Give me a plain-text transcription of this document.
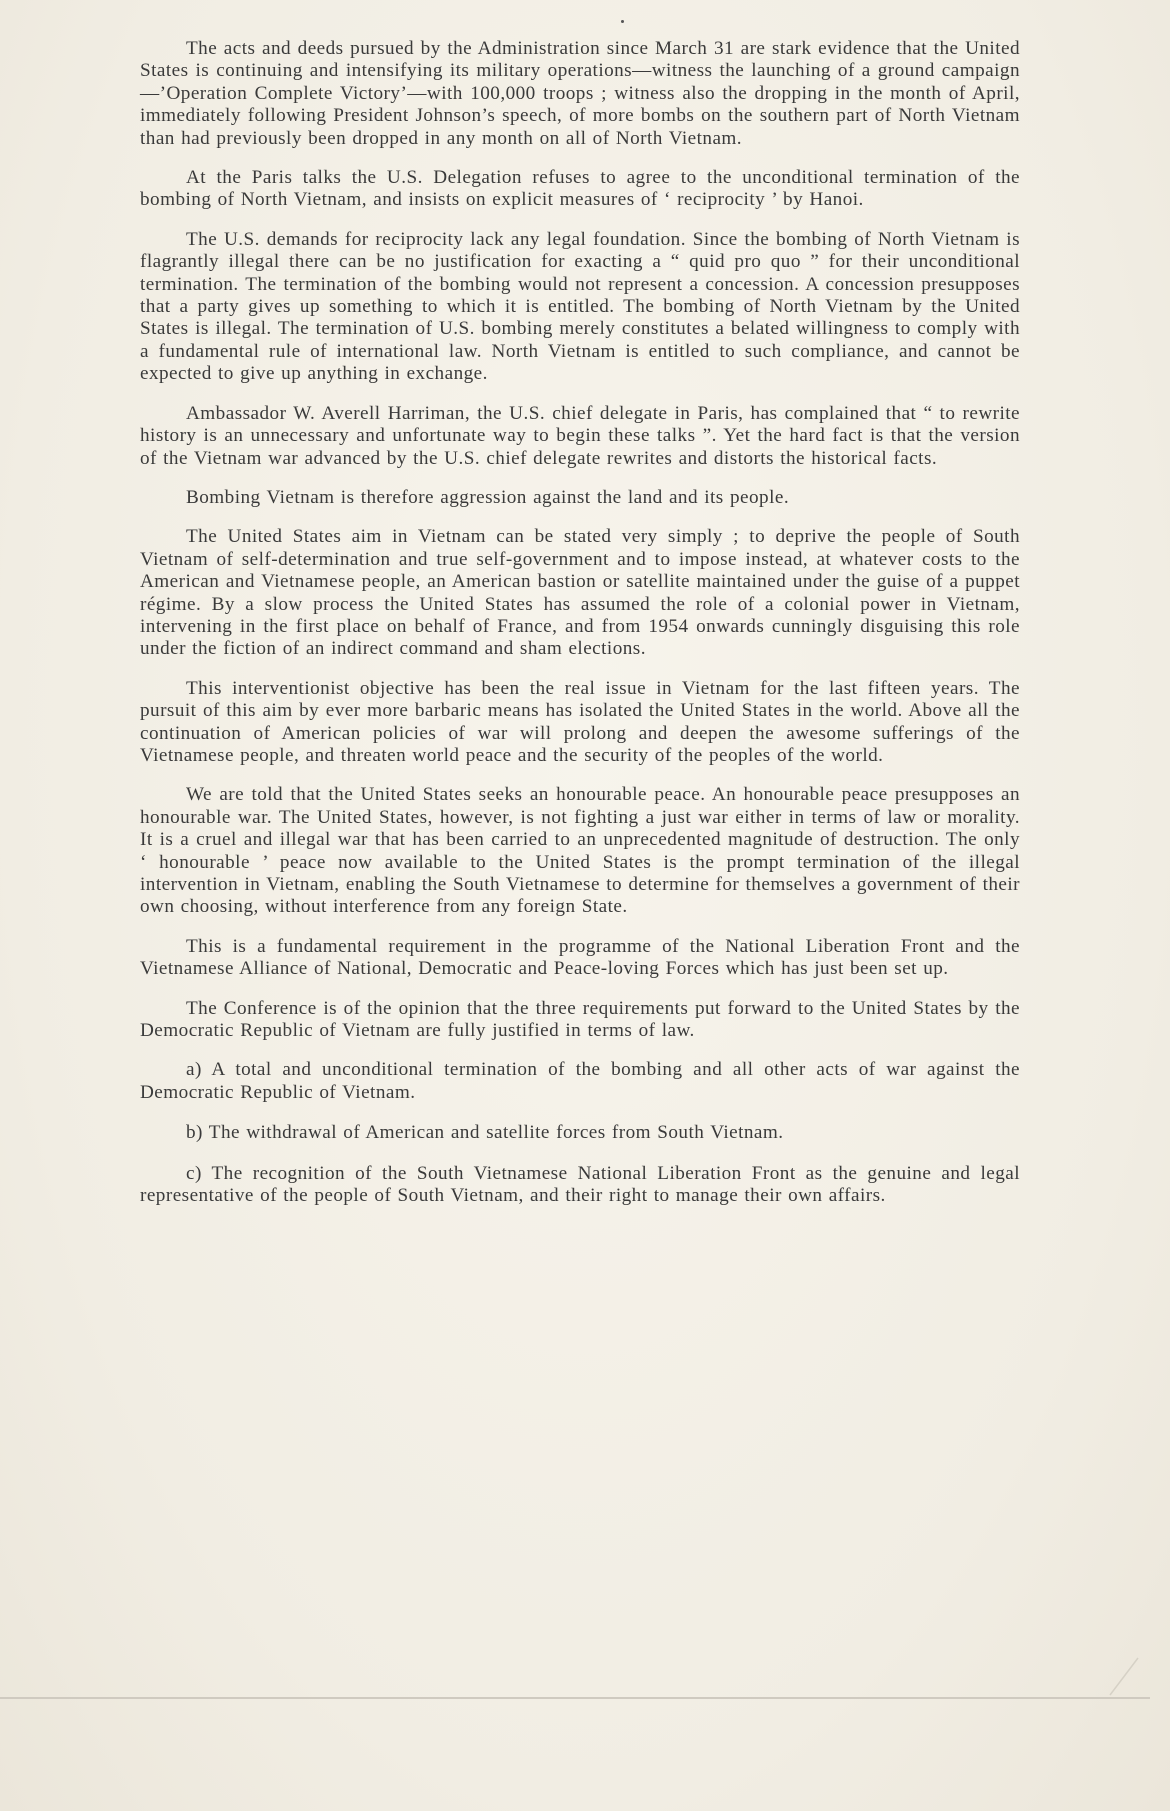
The acts and deeds pursued by the Administration since March 31 are stark evidence that the United States is continuing and intensifying its military operations—witness the launching of a ground campaign—’Operation Complete Victory’—with 100,000 troops ; witness also the dropping in the month of April, immediately following President Johnson’s speech, of more bombs on the southern part of North Vietnam than had previously been dropped in any month on all of North Vietnam.

At the Paris talks the U.S. Delegation refuses to agree to the unconditional termination of the bombing of North Vietnam, and insists on explicit measures of ‘ reciprocity ’ by Hanoi.

The U.S. demands for reciprocity lack any legal foundation. Since the bombing of North Vietnam is flagrantly illegal there can be no justification for exacting a “ quid pro quo ” for their unconditional termination. The termination of the bombing would not represent a concession. A concession presupposes that a party gives up something to which it is entitled. The bombing of North Vietnam by the United States is illegal. The termination of U.S. bombing merely constitutes a belated willingness to comply with a fundamental rule of international law. North Vietnam is entitled to such compliance, and cannot be expected to give up anything in exchange.

Ambassador W. Averell Harriman, the U.S. chief delegate in Paris, has complained that “ to rewrite history is an unnecessary and unfortunate way to begin these talks ”. Yet the hard fact is that the version of the Vietnam war advanced by the U.S. chief delegate rewrites and distorts the historical facts.

Bombing Vietnam is therefore aggression against the land and its people.

The United States aim in Vietnam can be stated very simply ; to deprive the people of South Vietnam of self-determination and true self-government and to impose instead, at whatever costs to the American and Vietnamese people, an American bastion or satellite maintained under the guise of a puppet régime. By a slow process the United States has assumed the role of a colonial power in Vietnam, intervening in the first place on behalf of France, and from 1954 onwards cunningly disguising this role under the fiction of an indirect command and sham elections.

This interventionist objective has been the real issue in Vietnam for the last fifteen years. The pursuit of this aim by ever more barbaric means has isolated the United States in the world. Above all the continuation of American policies of war will prolong and deepen the awesome sufferings of the Vietnamese people, and threaten world peace and the security of the peoples of the world.

We are told that the United States seeks an honourable peace. An honourable peace presupposes an honourable war. The United States, however, is not fighting a just war either in terms of law or morality. It is a cruel and illegal war that has been carried to an unprecedented magnitude of destruction. The only ‘ honourable ’ peace now available to the United States is the prompt termination of the illegal intervention in Vietnam, enabling the South Vietnamese to determine for themselves a government of their own choosing, without interference from any foreign State.

This is a fundamental requirement in the programme of the National Liberation Front and the Vietnamese Alliance of National, Democratic and Peace-loving Forces which has just been set up.

The Conference is of the opinion that the three requirements put forward to the United States by the Democratic Republic of Vietnam are fully justified in terms of law.

a) A total and unconditional termination of the bombing and all other acts of war against the Democratic Republic of Vietnam.

b) The withdrawal of American and satellite forces from South Vietnam.

c) The recognition of the South Vietnamese National Liberation Front as the genuine and legal representative of the people of South Vietnam, and their right to manage their own affairs.
